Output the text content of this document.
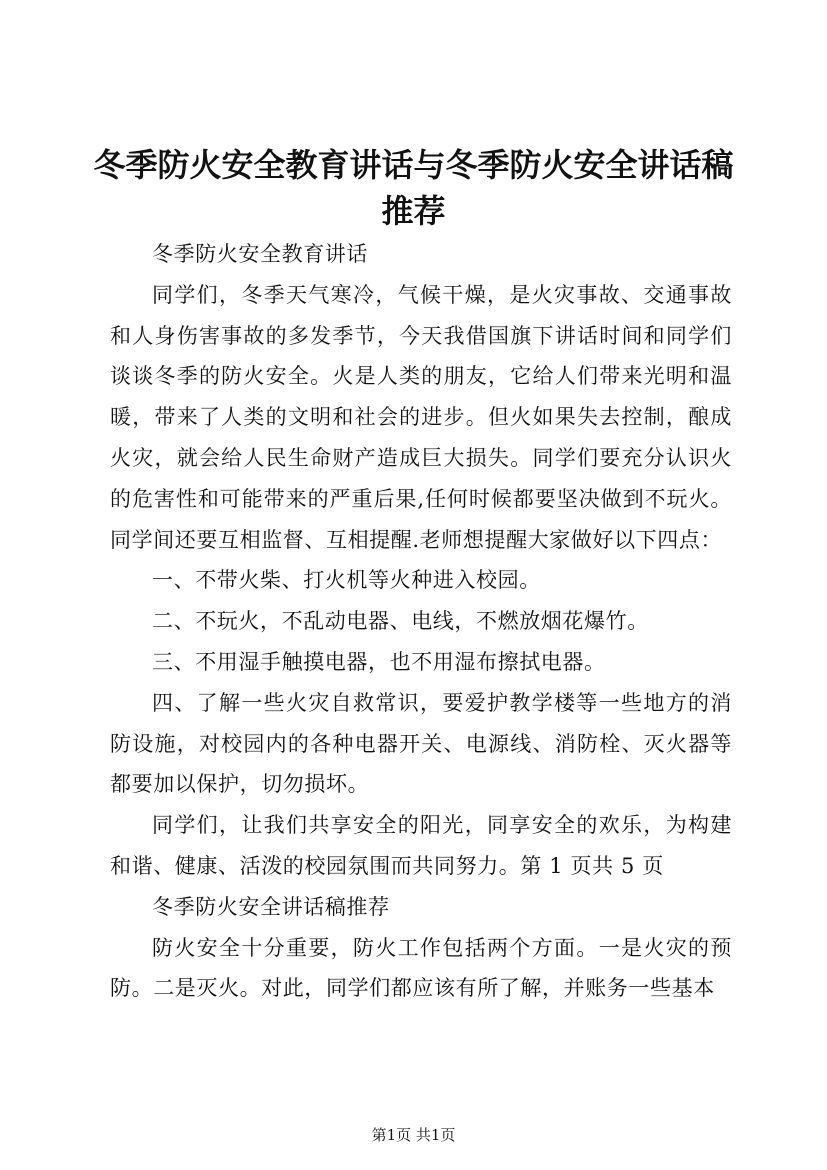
冬季防火安全教育讲话与冬季防火安全讲话稿
推荐

冬季防火安全教育讲话

同学们，冬季天气寒冷，气候干燥，是火灾事故、交通事故和人身伤害事故的多发季节，今天我借国旗下讲话时间和同学们谈谈冬季的防火安全。火是人类的朋友，它给人们带来光明和温暖，带来了人类的文明和社会的进步。但火如果失去控制，酿成火灾，就会给人民生命财产造成巨大损失。同学们要充分认识火的危害性和可能带来的严重后果,任何时候都要坚决做到不玩火。同学间还要互相监督、互相提醒.老师想提醒大家做好以下四点：

一、不带火柴、打火机等火种进入校园。

二、不玩火，不乱动电器、电线，不燃放烟花爆竹。

三、不用湿手触摸电器，也不用湿布擦拭电器。

四、了解一些火灾自救常识，要爱护教学楼等一些地方的消防设施，对校园内的各种电器开关、电源线、消防栓、灭火器等都要加以保护，切勿损坏。

同学们，让我们共享安全的阳光，同享安全的欢乐，为构建和谐、健康、活泼的校园氛围而共同努力。第 1 页共 5 页

冬季防火安全讲话稿推荐

防火安全十分重要，防火工作包括两个方面。一是火灾的预防。二是灭火。对此，同学们都应该有所了解，并账务一些基本

第1页 共1页
